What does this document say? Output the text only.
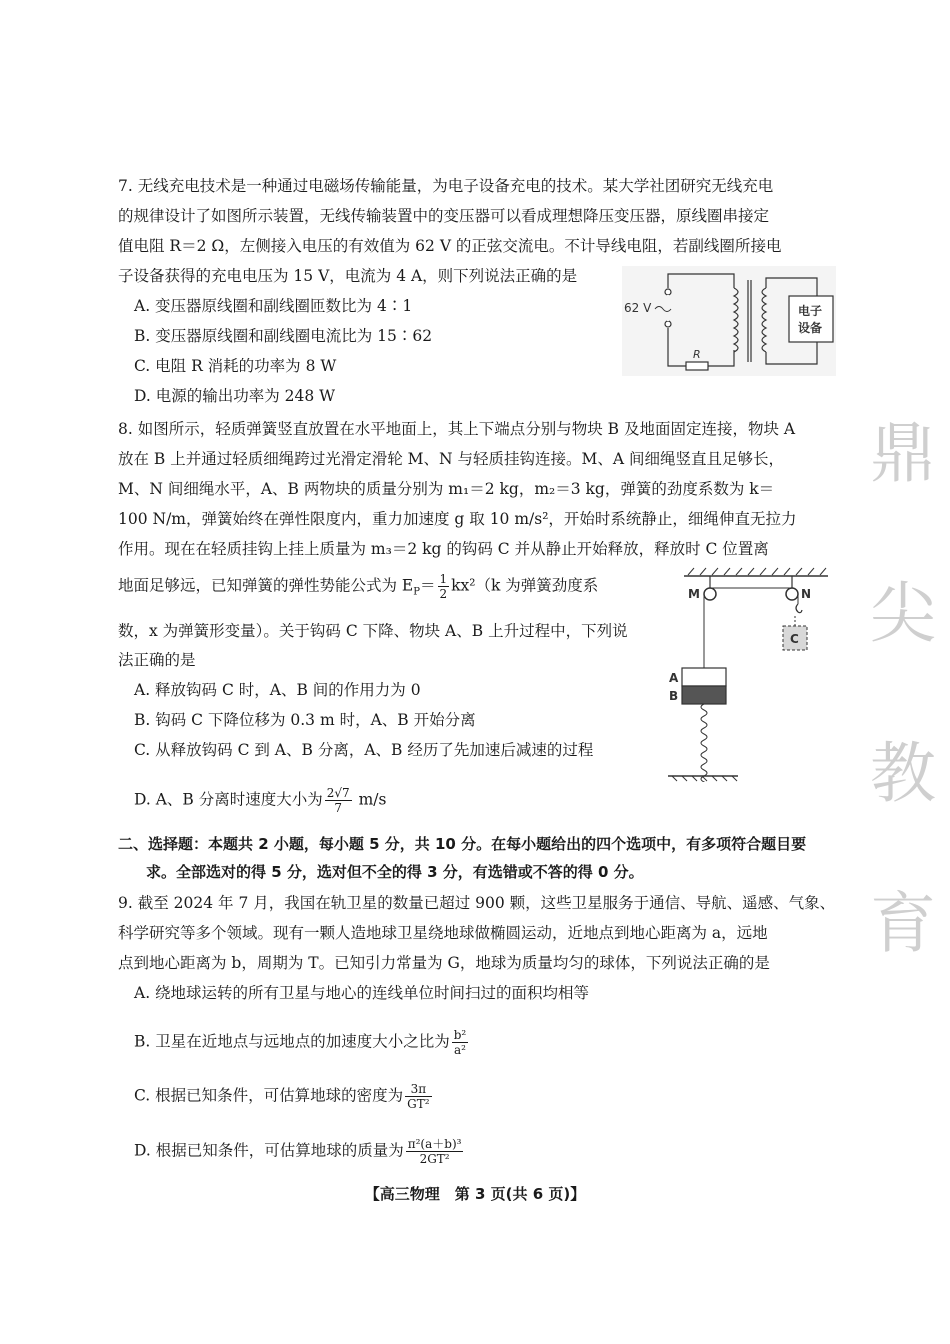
7. 无线充电技术是一种通过电磁场传输能量，为电子设备充电的技术。某大学社团研究无线充电
的规律设计了如图所示装置，无线传输装置中的变压器可以看成理想降压变压器，原线圈串接定
值电阻 R＝2 Ω，左侧接入电压的有效值为 62 V 的正弦交流电。不计导线电阻，若副线圈所接电
子设备获得的充电电压为 15 V，电流为 4 A，则下列说法正确的是
A. 变压器原线圈和副线圈匝数比为 4∶1
B. 变压器原线圈和副线圈电流比为 15∶62
C. 电阻 R 消耗的功率为 8 W
D. 电源的输出功率为 248 W
62 V
R
电子
设备
8. 如图所示，轻质弹簧竖直放置在水平地面上，其上下端点分别与物块 B 及地面固定连接，物块 A
放在 B 上并通过轻质细绳跨过光滑定滑轮 M、N 与轻质挂钩连接。M、A 间细绳竖直且足够长，
M、N 间细绳水平，A、B 两物块的质量分别为 m₁＝2 kg，m₂＝3 kg，弹簧的劲度系数为 k＝
100 N/m，弹簧始终在弹性限度内，重力加速度 g 取 10 m/s²，开始时系统静止，细绳伸直无拉力
作用。现在在轻质挂钩上挂上质量为 m₃＝2 kg 的钩码 C 并从静止开始释放，释放时 C 位置离
地面足够远，已知弹簧的弹性势能公式为 $E_P= \frac{1}{2} kx^2(k$ 为弹簧劲度系
数，x 为弹簧形变量）。关于钩码 C 下降、物块 A、B 上升过程中，下列说
法正确的是
A. 释放钩码 C 时，A、B 间的作用力为 0
B. 钩码 C 下降位移为 0.3 m 时，A、B 开始分离
C. 从释放钩码 C 到 A、B 分离，A、B 经历了先加速后减速的过程
D. A、B 分离时速度大小为 $\frac{2√7}{7} m/s$
M	N
C
A
B
二、选择题：本题共 2 小题，每小题 5 分，共 10 分。在每小题给出的四个选项中，有多项符合题目要
求。全部选对的得 5 分，选对但不全的得 3 分，有选错或不答的得 0 分。
9. 截至 2024 年 7 月，我国在轨卫星的数量已超过 900 颗，这些卫星服务于通信、导航、遥感、气象、
科学研究等多个领域。现有一颗人造地球卫星绕地球做椭圆运动，近地点到地心距离为 a，远地
点到地心距离为 b，周期为 T。已知引力常量为 G，地球为质量均匀的球体，下列说法正确的是
A. 绕地球运转的所有卫星与地心的连线单位时间扫过的面积均相等
B. 卫星在近地点与远地点的加速度大小之比为 $\frac{\text{b²}}{\text{a²}}$
C. 根据已知条件，可估算地球的密度为 $\frac{3\pi}{\text{GT²}}$
D. 根据已知条件，可估算地球的质量为 $\frac{\text{π²(a＋b)³}}{\text{2GT²}}$
鼎
尖
教
育
【高三物理　第 3 页(共 6 页)】
